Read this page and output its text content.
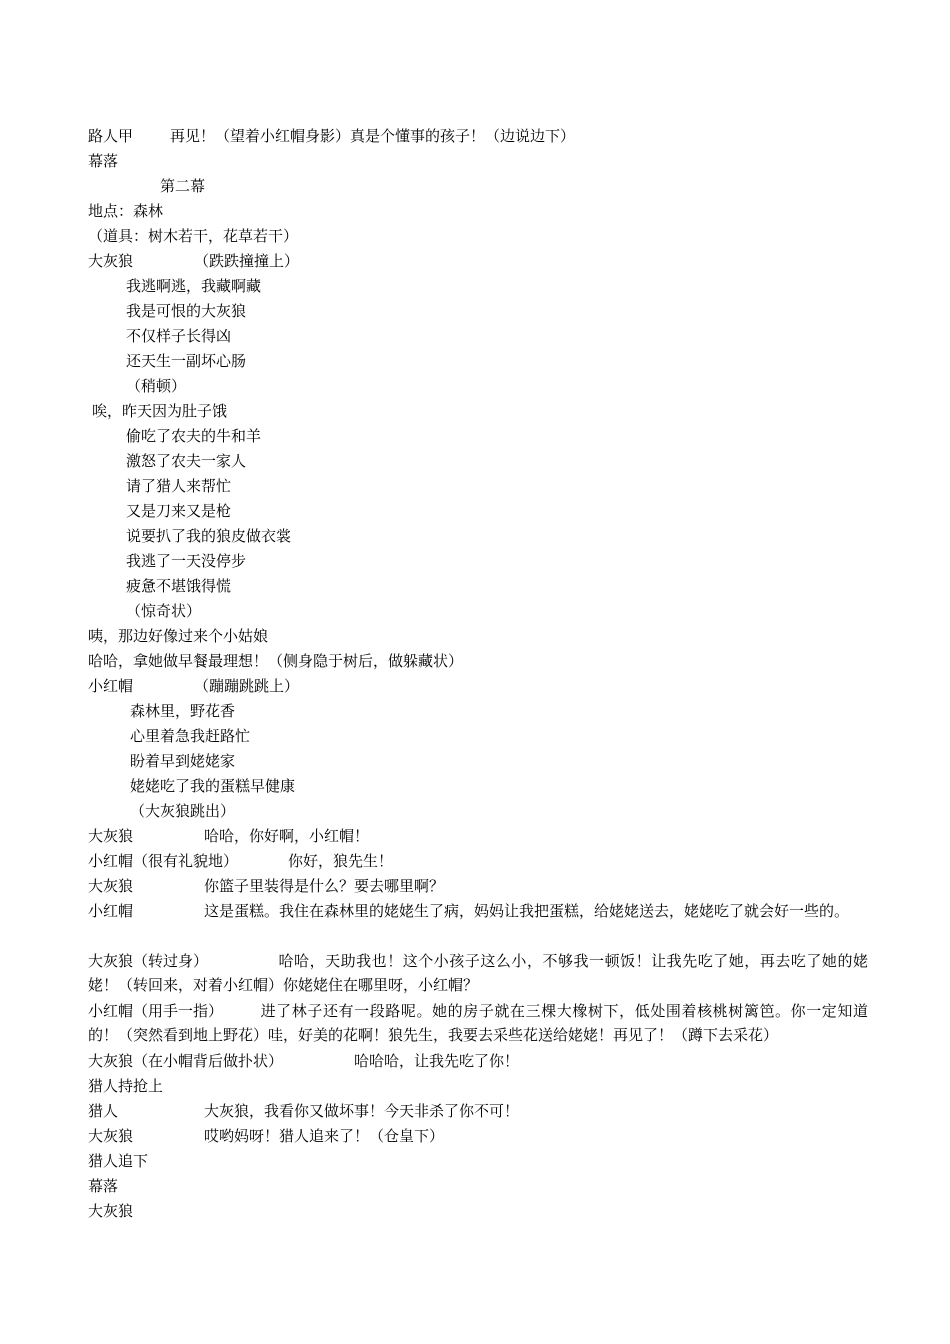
路人甲 再见！（望着小红帽身影）真是个懂事的孩子！（边说边下）
幕落
第二幕
地点：森林
（道具：树木若干，花草若干）
大灰狼	（跌跌撞撞上）
我逃啊逃，我藏啊藏
我是可恨的大灰狼
不仅样子长得凶
还天生一副坏心肠
（稍顿）
唉，昨天因为肚子饿
偷吃了农夫的牛和羊
激怒了农夫一家人
请了猎人来帮忙
又是刀来又是枪
说要扒了我的狼皮做衣裳
我逃了一天没停步
疲惫不堪饿得慌
（惊奇状）
咦，那边好像过来个小姑娘
哈哈，拿她做早餐最理想！（侧身隐于树后，做躲藏状）
小红帽	（蹦蹦跳跳上）
森林里，野花香
心里着急我赶路忙
盼着早到姥姥家
姥姥吃了我的蛋糕早健康
（大灰狼跳出）
大灰狼	哈哈，你好啊，小红帽！
小红帽（很有礼貌地）	你好，狼先生！
大灰狼	你篮子里装得是什么？要去哪里啊？
小红帽	这是蛋糕。我住在森林里的姥姥生了病，妈妈让我把蛋糕，给姥姥送去，姥姥吃了就会好一些的。
大灰狼（转过身）	哈哈，天助我也！这个小孩子这么小，不够我一顿饭！让我先吃了她，再去吃了她的姥姥！（转回来，对着小红帽）你姥姥住在哪里呀，小红帽？
小红帽（用手一指） 进了林子还有一段路呢。她的房子就在三棵大橡树下，低处围着核桃树篱笆。你一定知道的！（突然看到地上野花）哇，好美的花啊！狼先生，我要去采些花送给姥姥！再见了！（蹲下去采花）
大灰狼（在小帽背后做扑状）	哈哈哈，让我先吃了你！
猎人持抢上
猎人	大灰狼，我看你又做坏事！今天非杀了你不可！
大灰狼	哎哟妈呀！猎人追来了！（仓皇下）
猎人追下
幕落
大灰狼
